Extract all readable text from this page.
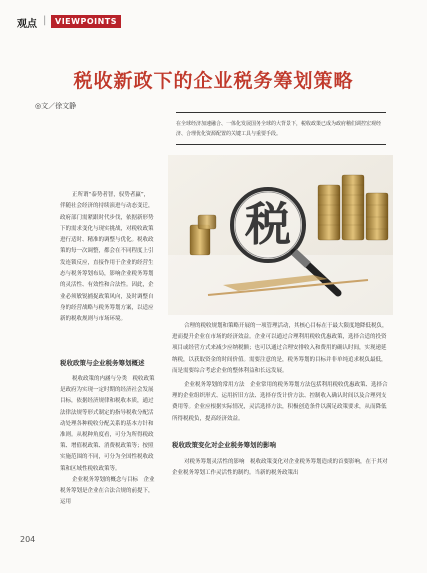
观点 |	VIEWPOINTS
税收新政下的企业税务筹划策略
◎文／徐文静
在全球经济加速融合、一体化发展国务全球的大背景下，税收政策已成为政府稽们调控宏观经济、合理优化资源配置的关键工具与重要手段。
税
正所谓“泰势者智，驭势者赢”，伴随社会经济的持续演进与动态变迁，政府部门需紧跟时代步伐，依据新形势下的需求变化与现实挑战，对税收政策进行适时、精准的调整与优化。税收政策的每一次调整，都会在不同程度上引发连锁反应，直接作用于企业的经营生态与税务筹划布局，影响企业税务筹划的灵活性、有效性和合法性。因此，企业必须敏锐捕捉政策风向，及时调整自身的经营战略与税务筹划方案，以适应新的税收规则与市场环境。
税收政策与企业税务筹划概述
税收政策的内涵与分类　税收政策是政府为实现一定时期的经济社会发展目标，依据经济规律和税收本质，通过法律法规等形式制定的指导税收分配活动处理各种税收分配关系的基本方针和准则。从税种角度看，可分为所得税政策、增值税政策、消费税政策等；按照实施范围的不同，可分为全国性税收政策和区域性税收政策等。
企业税务筹划的概念与目标　企业税务筹划是企业在合法合规的前提下，运用
合理的税收规划和策略开展的一项管理活动，其核心目标在于最大限度地降低税负，进而提升企业在市场的经济效益。企业可以通过合理利用税收优惠政策，选择合适的投资项目或经营方式来减少应纳税额；也可以通过合理安排收入和费用的确认时间，实现递延纳税，以获取资金的时间价值。需要注意的是，税务筹划的目标并非单纯追求税负最低，而是需要综合考虑企业的整体利益和长远发展。
企业税务筹划的常用方法　企业常用的税务筹划方法包括利用税收优惠政策、选择合理的企业组织形式、运用折旧方法、选择存货计价方法、控制收入确认时间以及合理列支费用等。企业应根据实际情况，灵活选择方法，积极创造条件以满足政策要求，从而降低所得税税负，提高经济效益。
税收政策变化对企业税务筹划的影响
对税务筹划灵活性的影响　税收政策变化对企业税务筹划造成的首要影响，在于其对企业税务筹划工作灵活性的制约。当新的税务政策出
204
